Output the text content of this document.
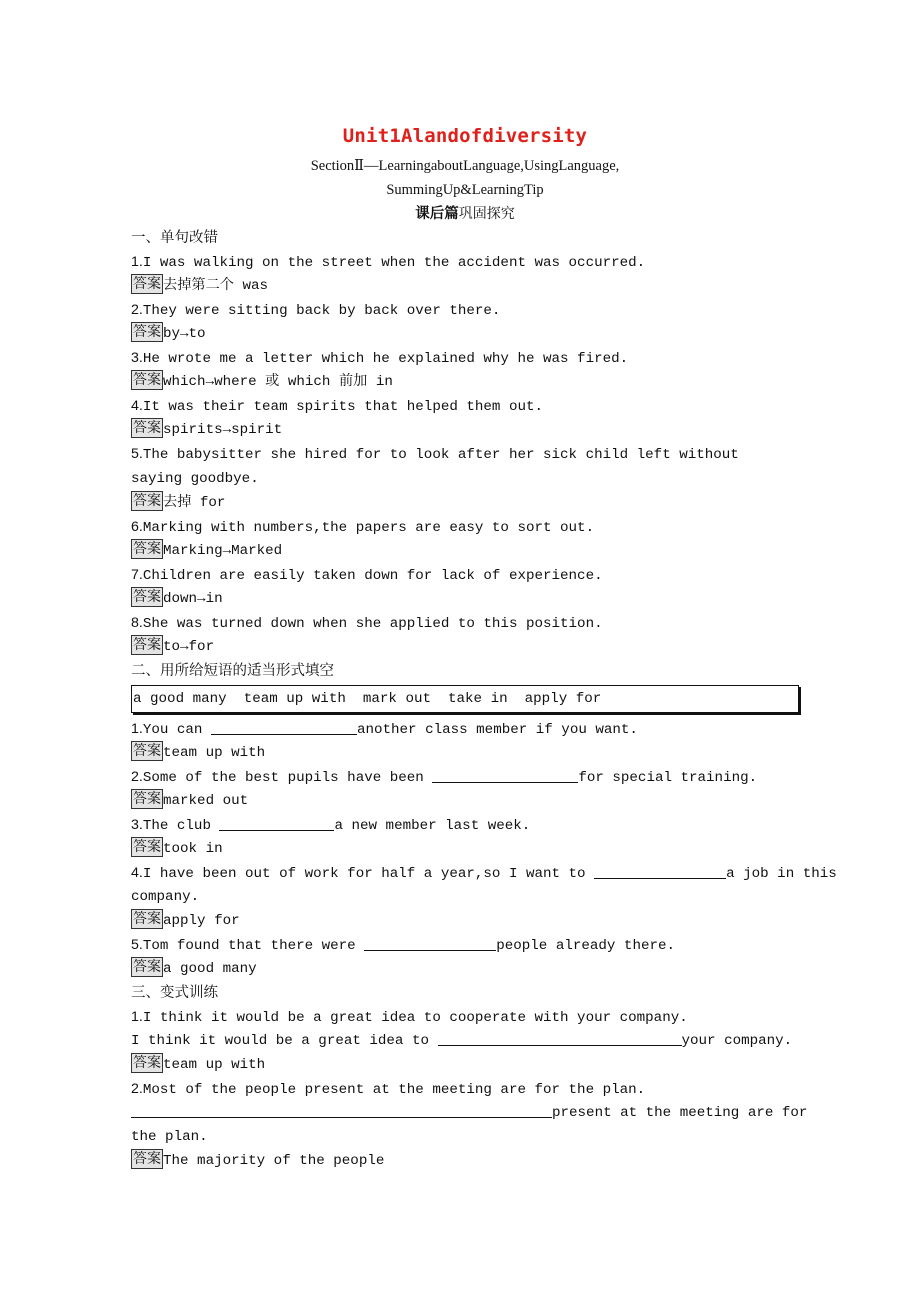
Unit1Alandofdiversity
SectionⅡ—LearningaboutLanguage,UsingLanguage,
SummingUp&LearningTip
课后篇巩固探究
一、单句改错
1.I was walking on the street when the accident was occurred.
答案 去掉第二个 was
2.They were sitting back by back over there.
答案 by→to
3.He wrote me a letter which he explained why he was fired.
答案 which→where 或 which 前加 in
4.It was their team spirits that helped them out.
答案 spirits→spirit
5.The babysitter she hired for to look after her sick child left without saying goodbye.
答案 去掉 for
6.Marking with numbers,the papers are easy to sort out.
答案 Marking→Marked
7.Children are easily taken down for lack of experience.
答案 down→in
8.She was turned down when she applied to this position.
答案 to→for
二、用所给短语的适当形式填空
a good many  team up with  mark out  take in  apply for
1.You can	another class member if you want.
答案 team up with
2.Some of the best pupils have been	for special training.
答案 marked out
3.The club	a new member last week.
答案 took in
4.I have been out of work for half a year,so I want to	a job in this
company.
答案 apply for
5.Tom found that there were	people already there.
答案 a good many
三、变式训练
1.I think it would be a great idea to cooperate with your company.
I think it would be a great idea to	your company.
答案 team up with
2.Most of the people present at the meeting are for the plan.
present at the meeting are for
the plan.
答案 The majority of the people
